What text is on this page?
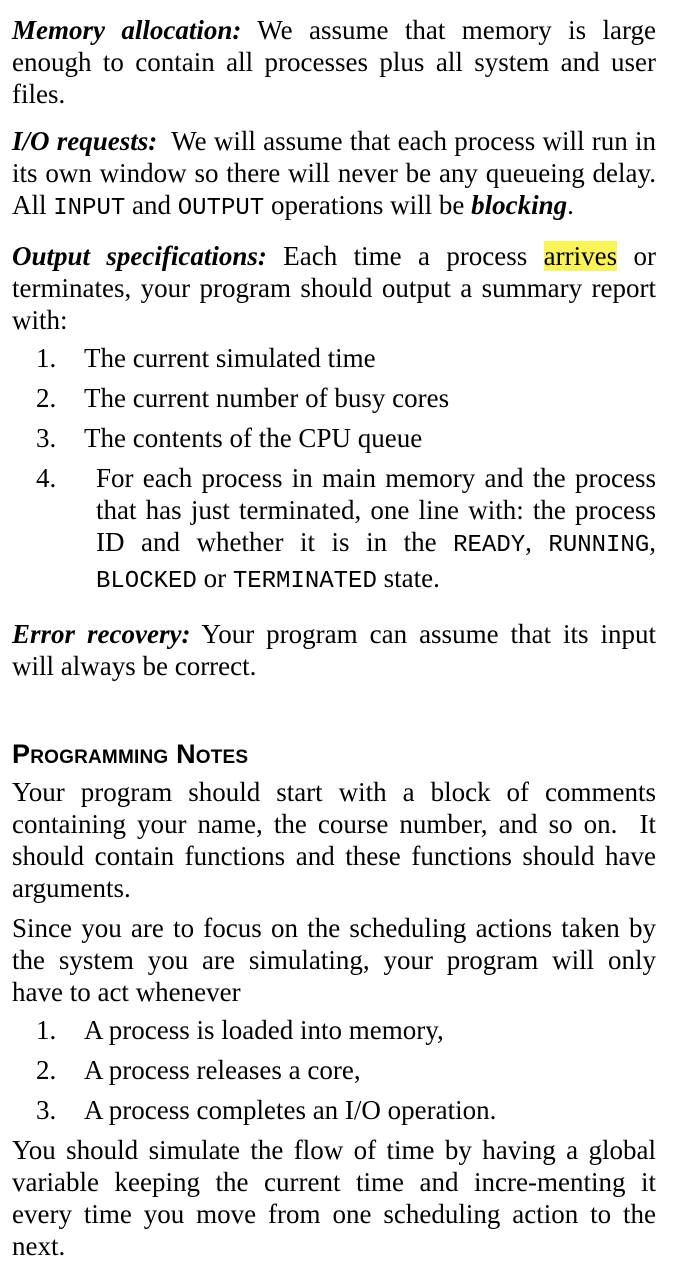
Memory allocation: We assume that memory is large enough to contain all processes plus all system and user files.

I/O requests:  We will assume that each process will run in its own window so there will never be any queueing delay. All INPUT and OUTPUT operations will be blocking.

Output specifications: Each time a process arrives or terminates, your program should output a summary report with:

1.	The current simulated time
2.	The current number of busy cores
3.	The contents of the CPU queue
4.	For each process in main memory and the process that has just terminated, one line with: the process ID and whether it is in the READY, RUNNING, BLOCKED or TERMINATED state.

Error recovery: Your program can assume that its input will always be correct.

Programming Notes

Your program should start with a block of comments containing your name, the course number, and so on.  It should contain functions and these functions should have arguments.

Since you are to focus on the scheduling actions taken by the system you are simulating, your program will only have to act whenever

1.	A process is loaded into memory,
2.	A process releases a core,
3.	A process completes an I/O operation.

You should simulate the flow of time by having a global variable keeping the current time and incre-menting it every time you move from one scheduling action to the next.
